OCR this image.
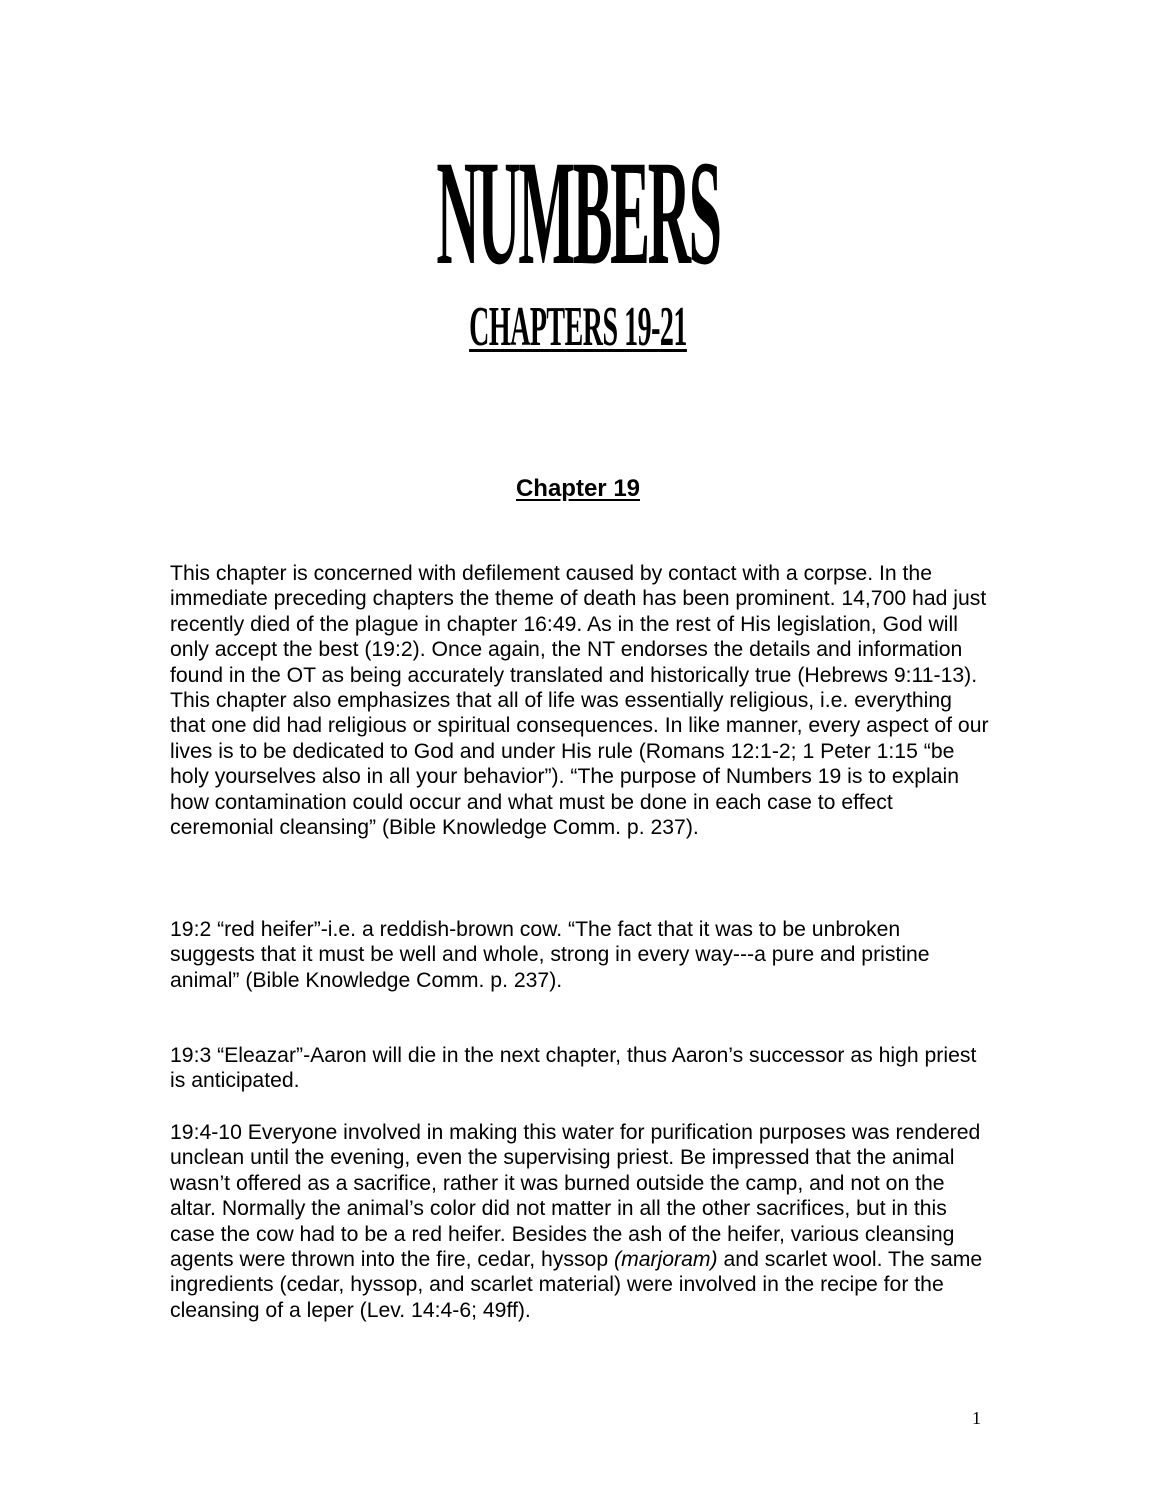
NUMBERS
CHAPTERS 19-21
Chapter 19

This chapter is concerned with defilement caused by contact with a corpse. In the immediate preceding chapters the theme of death has been prominent. 14,700 had just recently died of the plague in chapter 16:49. As in the rest of His legislation, God will only accept the best (19:2). Once again, the NT endorses the details and information found in the OT as being accurately translated and historically true (Hebrews 9:11-13). This chapter also emphasizes that all of life was essentially religious, i.e. everything that one did had religious or spiritual consequences. In like manner, every aspect of our lives is to be dedicated to God and under His rule (Romans 12:1-2; 1 Peter 1:15 “be holy yourselves also in all your behavior”). “The purpose of Numbers 19 is to explain how contamination could occur and what must be done in each case to effect ceremonial cleansing” (Bible Knowledge Comm. p. 237).

19:2 “red heifer”-i.e. a reddish-brown cow. “The fact that it was to be unbroken suggests that it must be well and whole, strong in every way---a pure and pristine animal” (Bible Knowledge Comm. p. 237).

19:3 “Eleazar”-Aaron will die in the next chapter, thus Aaron’s successor as high priest is anticipated.

19:4-10 Everyone involved in making this water for purification purposes was rendered unclean until the evening, even the supervising priest. Be impressed that the animal wasn’t offered as a sacrifice, rather it was burned outside the camp, and not on the altar. Normally the animal’s color did not matter in all the other sacrifices, but in this case the cow had to be a red heifer. Besides the ash of the heifer, various cleansing agents were thrown into the fire, cedar, hyssop (marjoram) and scarlet wool. The same ingredients (cedar, hyssop, and scarlet material) were involved in the recipe for the cleansing of a leper (Lev. 14:4-6; 49ff).

1
